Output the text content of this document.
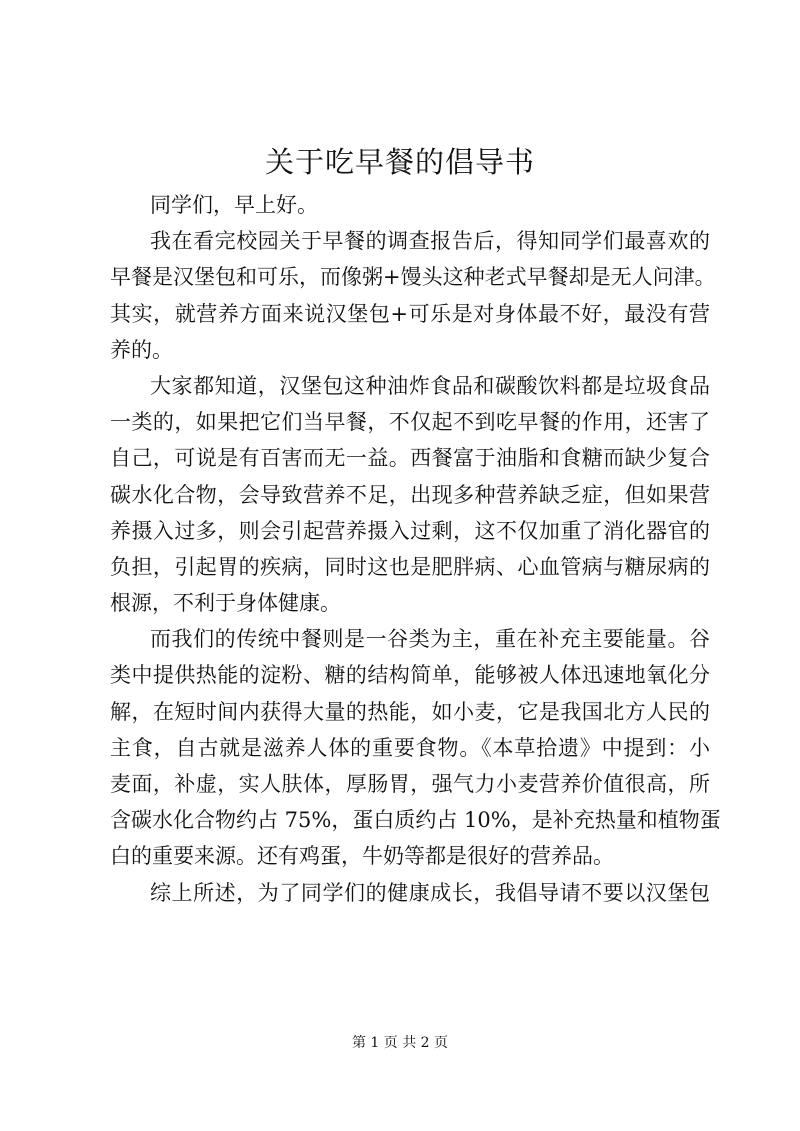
关于吃早餐的倡导书
同学们，早上好。
我在看完校园关于早餐的调查报告后，得知同学们最喜欢的
早餐是汉堡包和可乐，而像粥+馒头这种老式早餐却是无人问津。
其实，就营养方面来说汉堡包+可乐是对身体最不好，最没有营
养的。
大家都知道，汉堡包这种油炸食品和碳酸饮料都是垃圾食品
一类的，如果把它们当早餐，不仅起不到吃早餐的作用，还害了
自己，可说是有百害而无一益。西餐富于油脂和食糖而缺少复合
碳水化合物，会导致营养不足，出现多种营养缺乏症，但如果营
养摄入过多，则会引起营养摄入过剩，这不仅加重了消化器官的
负担，引起胃的疾病，同时这也是肥胖病、心血管病与糖尿病的
根源，不利于身体健康。
而我们的传统中餐则是一谷类为主，重在补充主要能量。谷
类中提供热能的淀粉、糖的结构简单，能够被人体迅速地氧化分
解，在短时间内获得大量的热能，如小麦，它是我国北方人民的
主食，自古就是滋养人体的重要食物。《本草拾遗》中提到：小
麦面，补虚，实人肤体，厚肠胃，强气力小麦营养价值很高，所
含碳水化合物约占 75%，蛋白质约占 10%，是补充热量和植物蛋
白的重要来源。还有鸡蛋，牛奶等都是很好的营养品。
综上所述，为了同学们的健康成长，我倡导请不要以汉堡包
第 1 页 共 2 页
